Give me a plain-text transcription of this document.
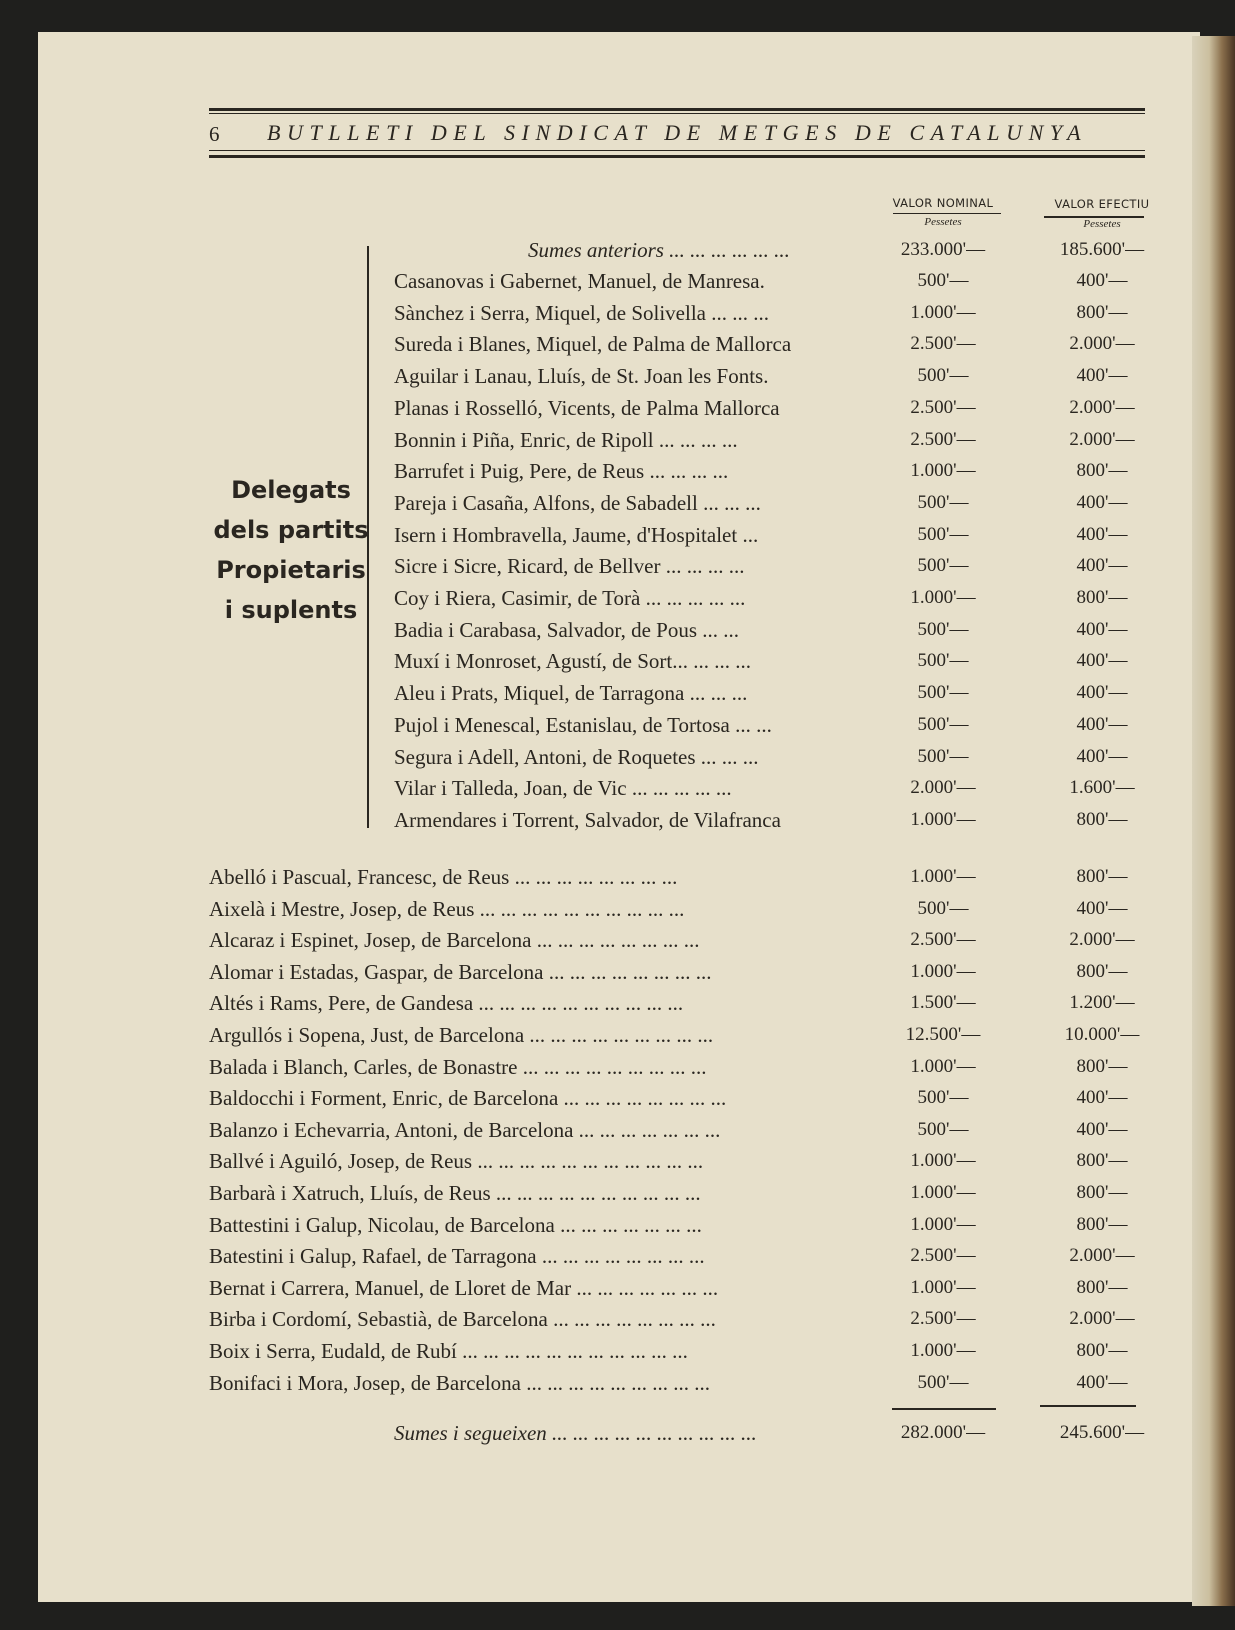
6 BUTLLETI DEL SINDICAT DE METGES DE CATALUNYA
VALOR NOMINAL
Pessetes
VALOR EFECTIU
Pessetes
Sumes anteriors ... ... ... ... ... ...	233.000'—	185.600'—
Delegats
dels partits
Propietaris
i suplents
Casanovas i Gabernet, Manuel, de Manresa.	500'—	400'—
Sànchez i Serra, Miquel, de Solivella ... ... ...	1.000'—	800'—
Sureda i Blanes, Miquel, de Palma de Mallorca	2.500'—	2.000'—
Aguilar i Lanau, Lluís, de St. Joan les Fonts.	500'—	400'—
Planas i Rosselló, Vicents, de Palma Mallorca	2.500'—	2.000'—
Bonnin i Piña, Enric, de Ripoll ... ... ... ...	2.500'—	2.000'—
Barrufet i Puig, Pere, de Reus ... ... ... ...	1.000'—	800'—
Pareja i Casaña, Alfons, de Sabadell ... ... ...	500'—	400'—
Isern i Hombravella, Jaume, d'Hospitalet ...	500'—	400'—
Sicre i Sicre, Ricard, de Bellver ... ... ... ...	500'—	400'—
Coy i Riera, Casimir, de Torà ... ... ... ... ...	1.000'—	800'—
Badia i Carabasa, Salvador, de Pous ... ...	500'—	400'—
Muxí i Monroset, Agustí, de Sort... ... ... ...	500'—	400'—
Aleu i Prats, Miquel, de Tarragona ... ... ...	500'—	400'—
Pujol i Menescal, Estanislau, de Tortosa ... ...	500'—	400'—
Segura i Adell, Antoni, de Roquetes ... ... ...	500'—	400'—
Vilar i Talleda, Joan, de Vic ... ... ... ... ...	2.000'—	1.600'—
Armendares i Torrent, Salvador, de Vilafranca	1.000'—	800'—
Abelló i Pascual, Francesc, de Reus ... ... ... ... ... ... ... ...	1.000'—	800'—
Aixelà i Mestre, Josep, de Reus ... ... ... ... ... ... ... ... ... ...	500'—	400'—
Alcaraz i Espinet, Josep, de Barcelona ... ... ... ... ... ... ... ...	2.500'—	2.000'—
Alomar i Estadas, Gaspar, de Barcelona ... ... ... ... ... ... ... ...	1.000'—	800'—
Altés i Rams, Pere, de Gandesa ... ... ... ... ... ... ... ... ... ...	1.500'—	1.200'—
Argullós i Sopena, Just, de Barcelona ... ... ... ... ... ... ... ... ...	12.500'—	10.000'—
Balada i Blanch, Carles, de Bonastre ... ... ... ... ... ... ... ... ...	1.000'—	800'—
Baldocchi i Forment, Enric, de Barcelona ... ... ... ... ... ... ... ...	500'—	400'—
Balanzo i Echevarria, Antoni, de Barcelona ... ... ... ... ... ... ...	500'—	400'—
Ballvé i Aguiló, Josep, de Reus ... ... ... ... ... ... ... ... ... ... ...	1.000'—	800'—
Barbarà i Xatruch, Lluís, de Reus ... ... ... ... ... ... ... ... ... ...	1.000'—	800'—
Battestini i Galup, Nicolau, de Barcelona ... ... ... ... ... ... ...	1.000'—	800'—
Batestini i Galup, Rafael, de Tarragona ... ... ... ... ... ... ... ...	2.500'—	2.000'—
Bernat i Carrera, Manuel, de Lloret de Mar ... ... ... ... ... ... ...	1.000'—	800'—
Birba i Cordomí, Sebastià, de Barcelona ... ... ... ... ... ... ... ...	2.500'—	2.000'—
Boix i Serra, Eudald, de Rubí ... ... ... ... ... ... ... ... ... ... ...	1.000'—	800'—
Bonifaci i Mora, Josep, de Barcelona ... ... ... ... ... ... ... ... ...	500'—	400'—
Sumes i segueixen ... ... ... ... ... ... ... ... ... ...	282.000'—	245.600'—
